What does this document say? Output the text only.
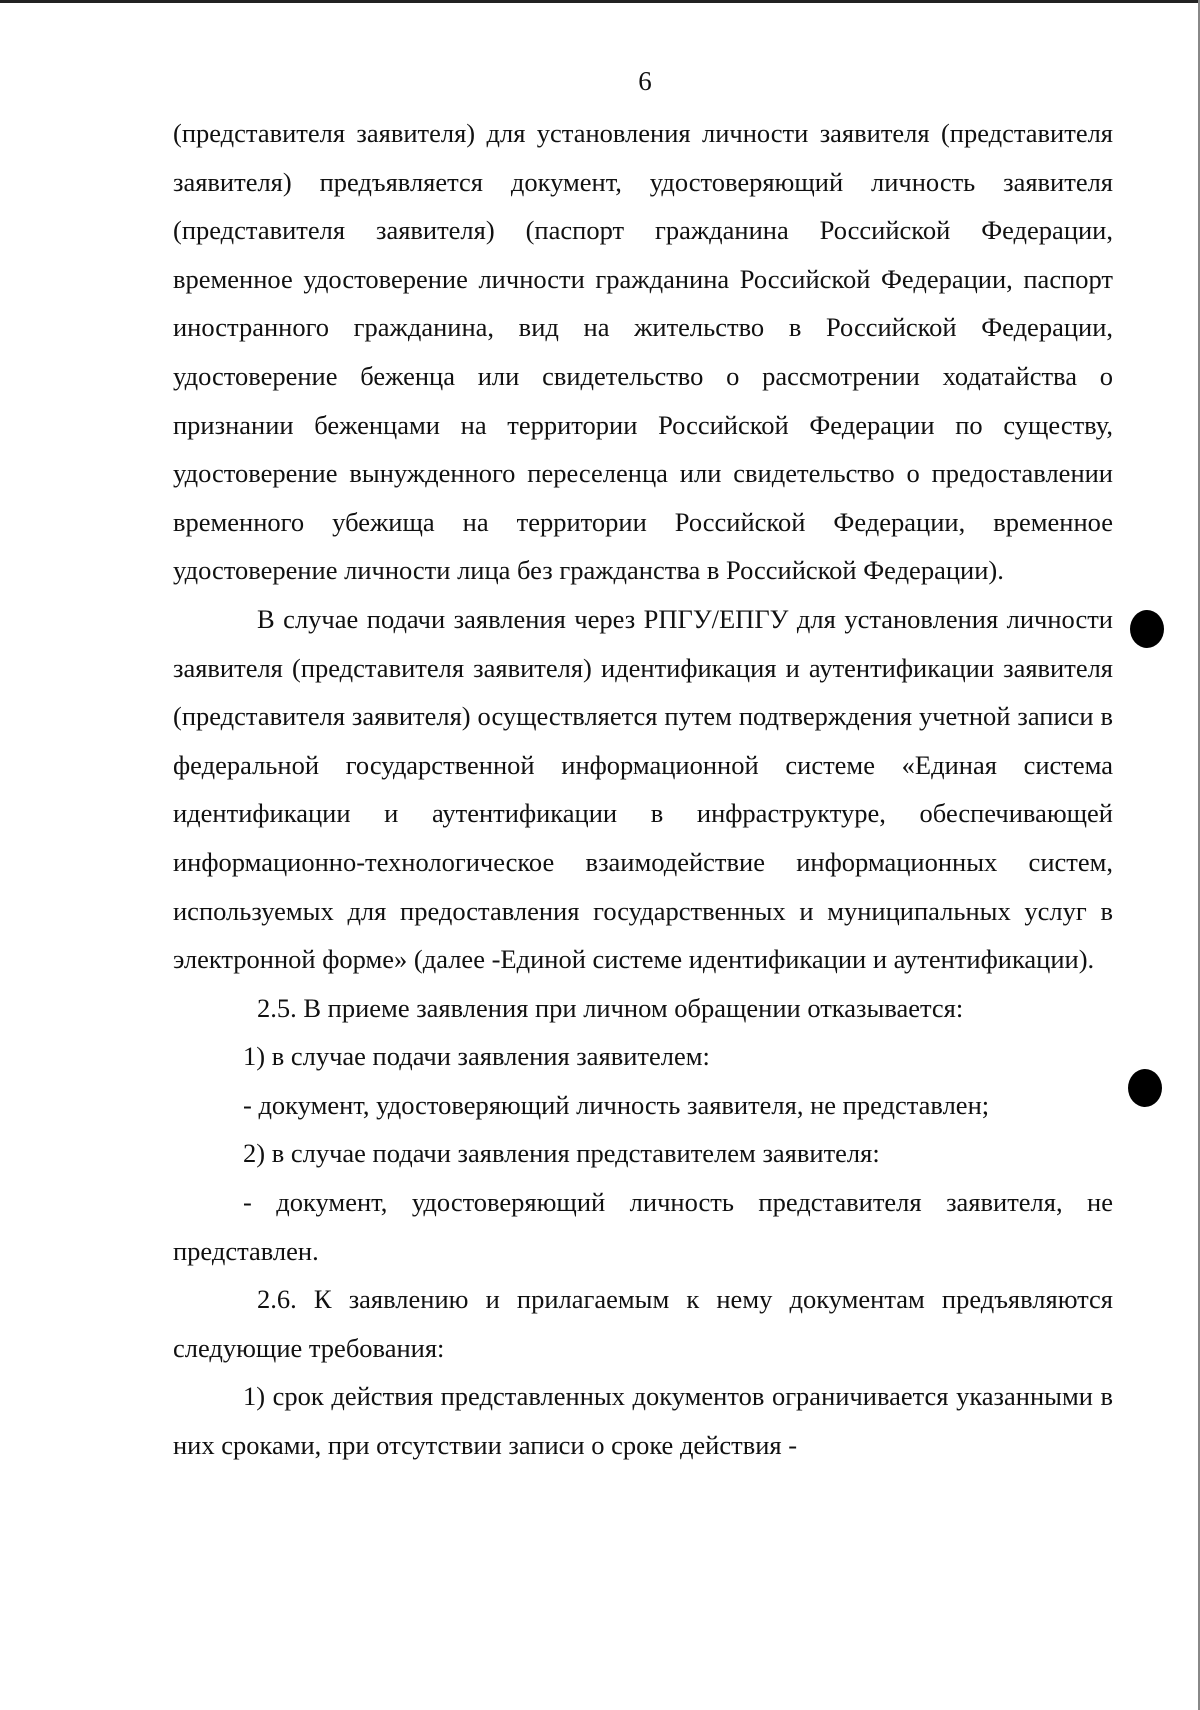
6

(представителя заявителя) для установления личности заявителя (представителя заявителя) предъявляется документ, удостоверяющий личность заявителя (представителя заявителя) (паспорт гражданина Российской Федерации, временное удостоверение личности гражданина Российской Федерации, паспорт иностранного гражданина, вид на жительство в Российской Федерации, удостоверение беженца или свидетельство о рассмотрении ходатайства о признании беженцами на территории Российской Федерации по существу, удостоверение вынужденного переселенца или свидетельство о предоставлении временного убежища на территории Российской Федерации, временное удостоверение личности лица без гражданства в Российской Федерации).

В случае подачи заявления через РПГУ/ЕПГУ для установления личности заявителя (представителя заявителя) идентификация и аутентификации заявителя (представителя заявителя) осуществляется путем подтверждения учетной записи в федеральной государственной информационной системе «Единая система идентификации и аутентификации в инфраструктуре, обеспечивающей информационно-технологическое взаимодействие информационных систем, используемых для предоставления государственных и муниципальных услуг в электронной форме» (далее -Единой системе идентификации и аутентификации).

2.5. В приеме заявления при личном обращении отказывается:

1) в случае подачи заявления заявителем:

- документ, удостоверяющий личность заявителя, не представлен;

2) в случае подачи заявления представителем заявителя:

- документ, удостоверяющий личность представителя заявителя, не представлен.

2.6. К заявлению и прилагаемым к нему документам предъявляются следующие требования:

1) срок действия представленных документов ограничивается указанными в них сроками, при отсутствии записи о сроке действия -
